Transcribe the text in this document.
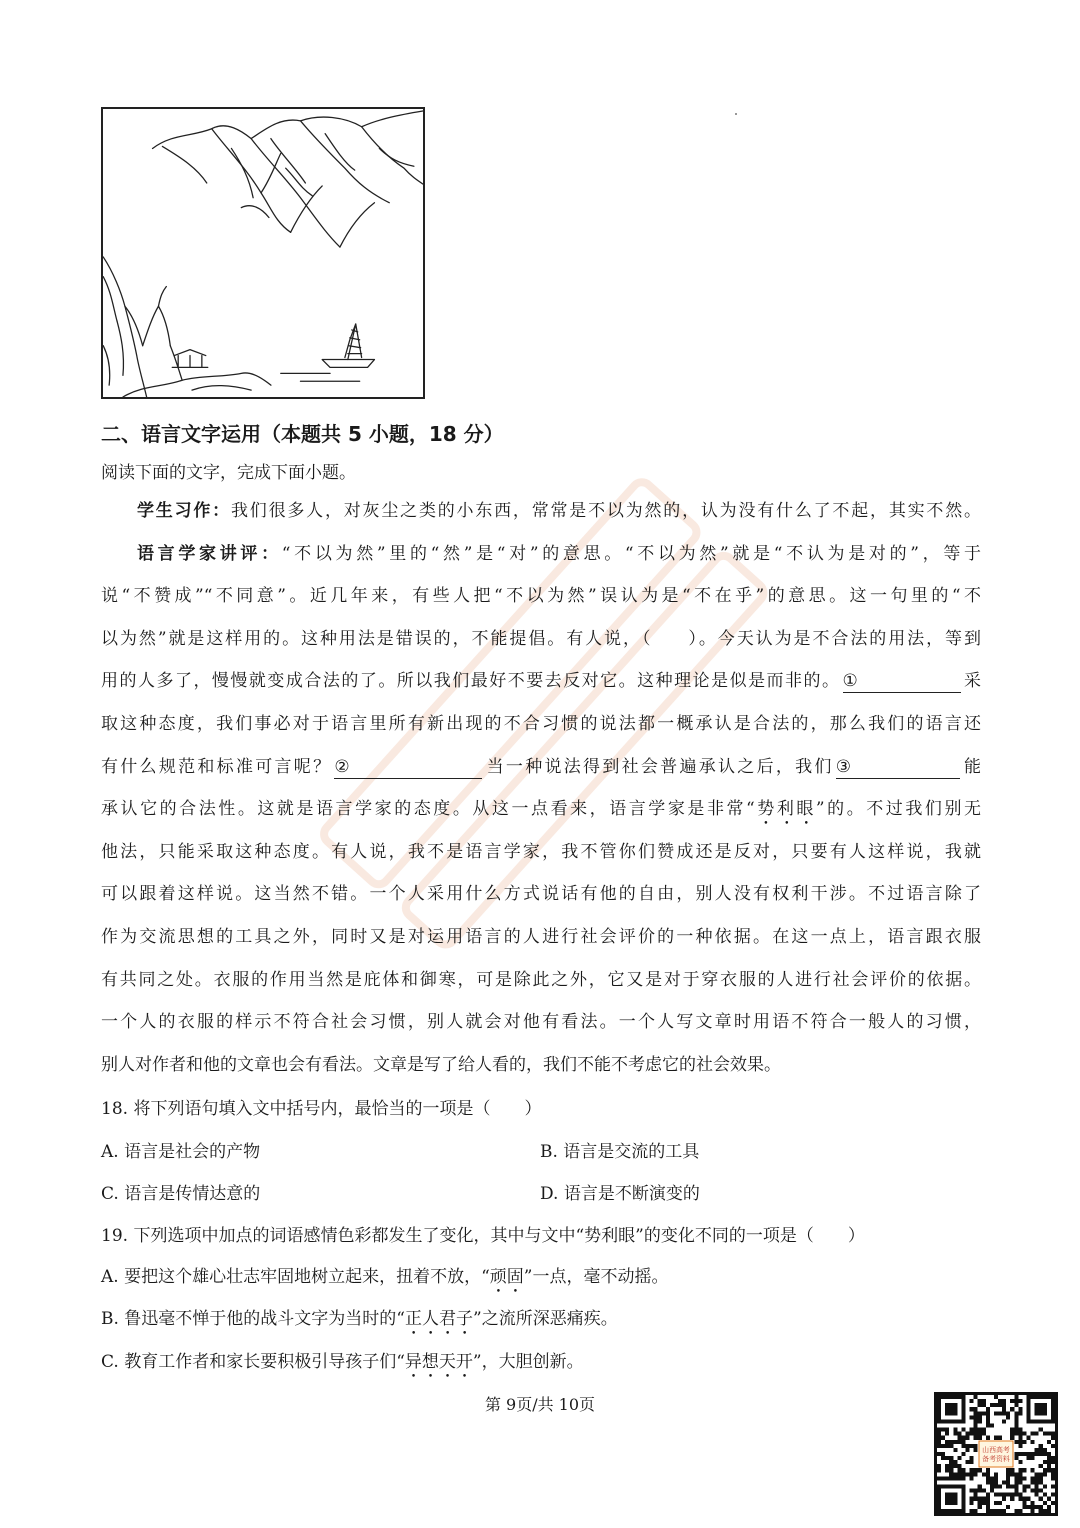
二、语言文字运用（本题共 5 小题，18 分）
阅读下面的文字，完成下面小题。
学生习作：我们很多人，对灰尘之类的小东西，常常是不以为然的，认为没有什么了不起，其实不然。
语言学家讲评：“不以为然”里的“然”是“对”的意思。“不以为然”就是“不认为是对的”，等于
说“不赞成”“不同意”。近几年来，有些人把“不以为然”误认为是“不在乎”的意思。这一句里的“不
以为然”就是这样用的。这种用法是错误的，不能提倡。有人说，（ ）。今天认为是不合法的用法，等到
用的人多了，慢慢就变成合法的了。所以我们最好不要去反对它。这种理论是似是而非的。 ①	采
取这种态度，我们事必对于语言里所有新出现的不合习惯的说法都一概承认是合法的，那么我们的语言还
有什么规范和标准可言呢？ ②	当一种说法得到社会普遍承认之后，我们 ③	能
承认它的合法性。这就是语言学家的态度。从这一点看来，语言学家是非常“势利眼”的。不过我们别无
他法，只能采取这种态度。有人说，我不是语言学家，我不管你们赞成还是反对，只要有人这样说，我就
可以跟着这样说。这当然不错。一个人采用什么方式说话有他的自由，别人没有权利干涉。不过语言除了
作为交流思想的工具之外，同时又是对运用语言的人进行社会评价的一种依据。在这一点上，语言跟衣服
有共同之处。衣服的作用当然是庇体和御寒，可是除此之外，它又是对于穿衣服的人进行社会评价的依据。
一个人的衣服的样示不符合社会习惯，别人就会对他有看法。一个人写文章时用语不符合一般人的习惯，
别人对作者和他的文章也会有看法。文章是写了给人看的，我们不能不考虑它的社会效果。
18. 将下列语句填入文中括号内，最恰当的一项是（　　）
A. 语言是社会的产物	B. 语言是交流的工具
C. 语言是传情达意的	D. 语言是不断演变的
19. 下列选项中加点的词语感情色彩都发生了变化，其中与文中“势利眼”的变化不同的一项是（　　）
A. 要把这个雄心壮志牢固地树立起来，扭着不放，“顽固”一点，毫不动摇。
B. 鲁迅毫不惮于他的战斗文字为当时的“正人君子”之流所深恶痛疾。
C. 教育工作者和家长要积极引导孩子们“异想天开”，大胆创新。
第 9页/共 10页
山西高考
备考资料
